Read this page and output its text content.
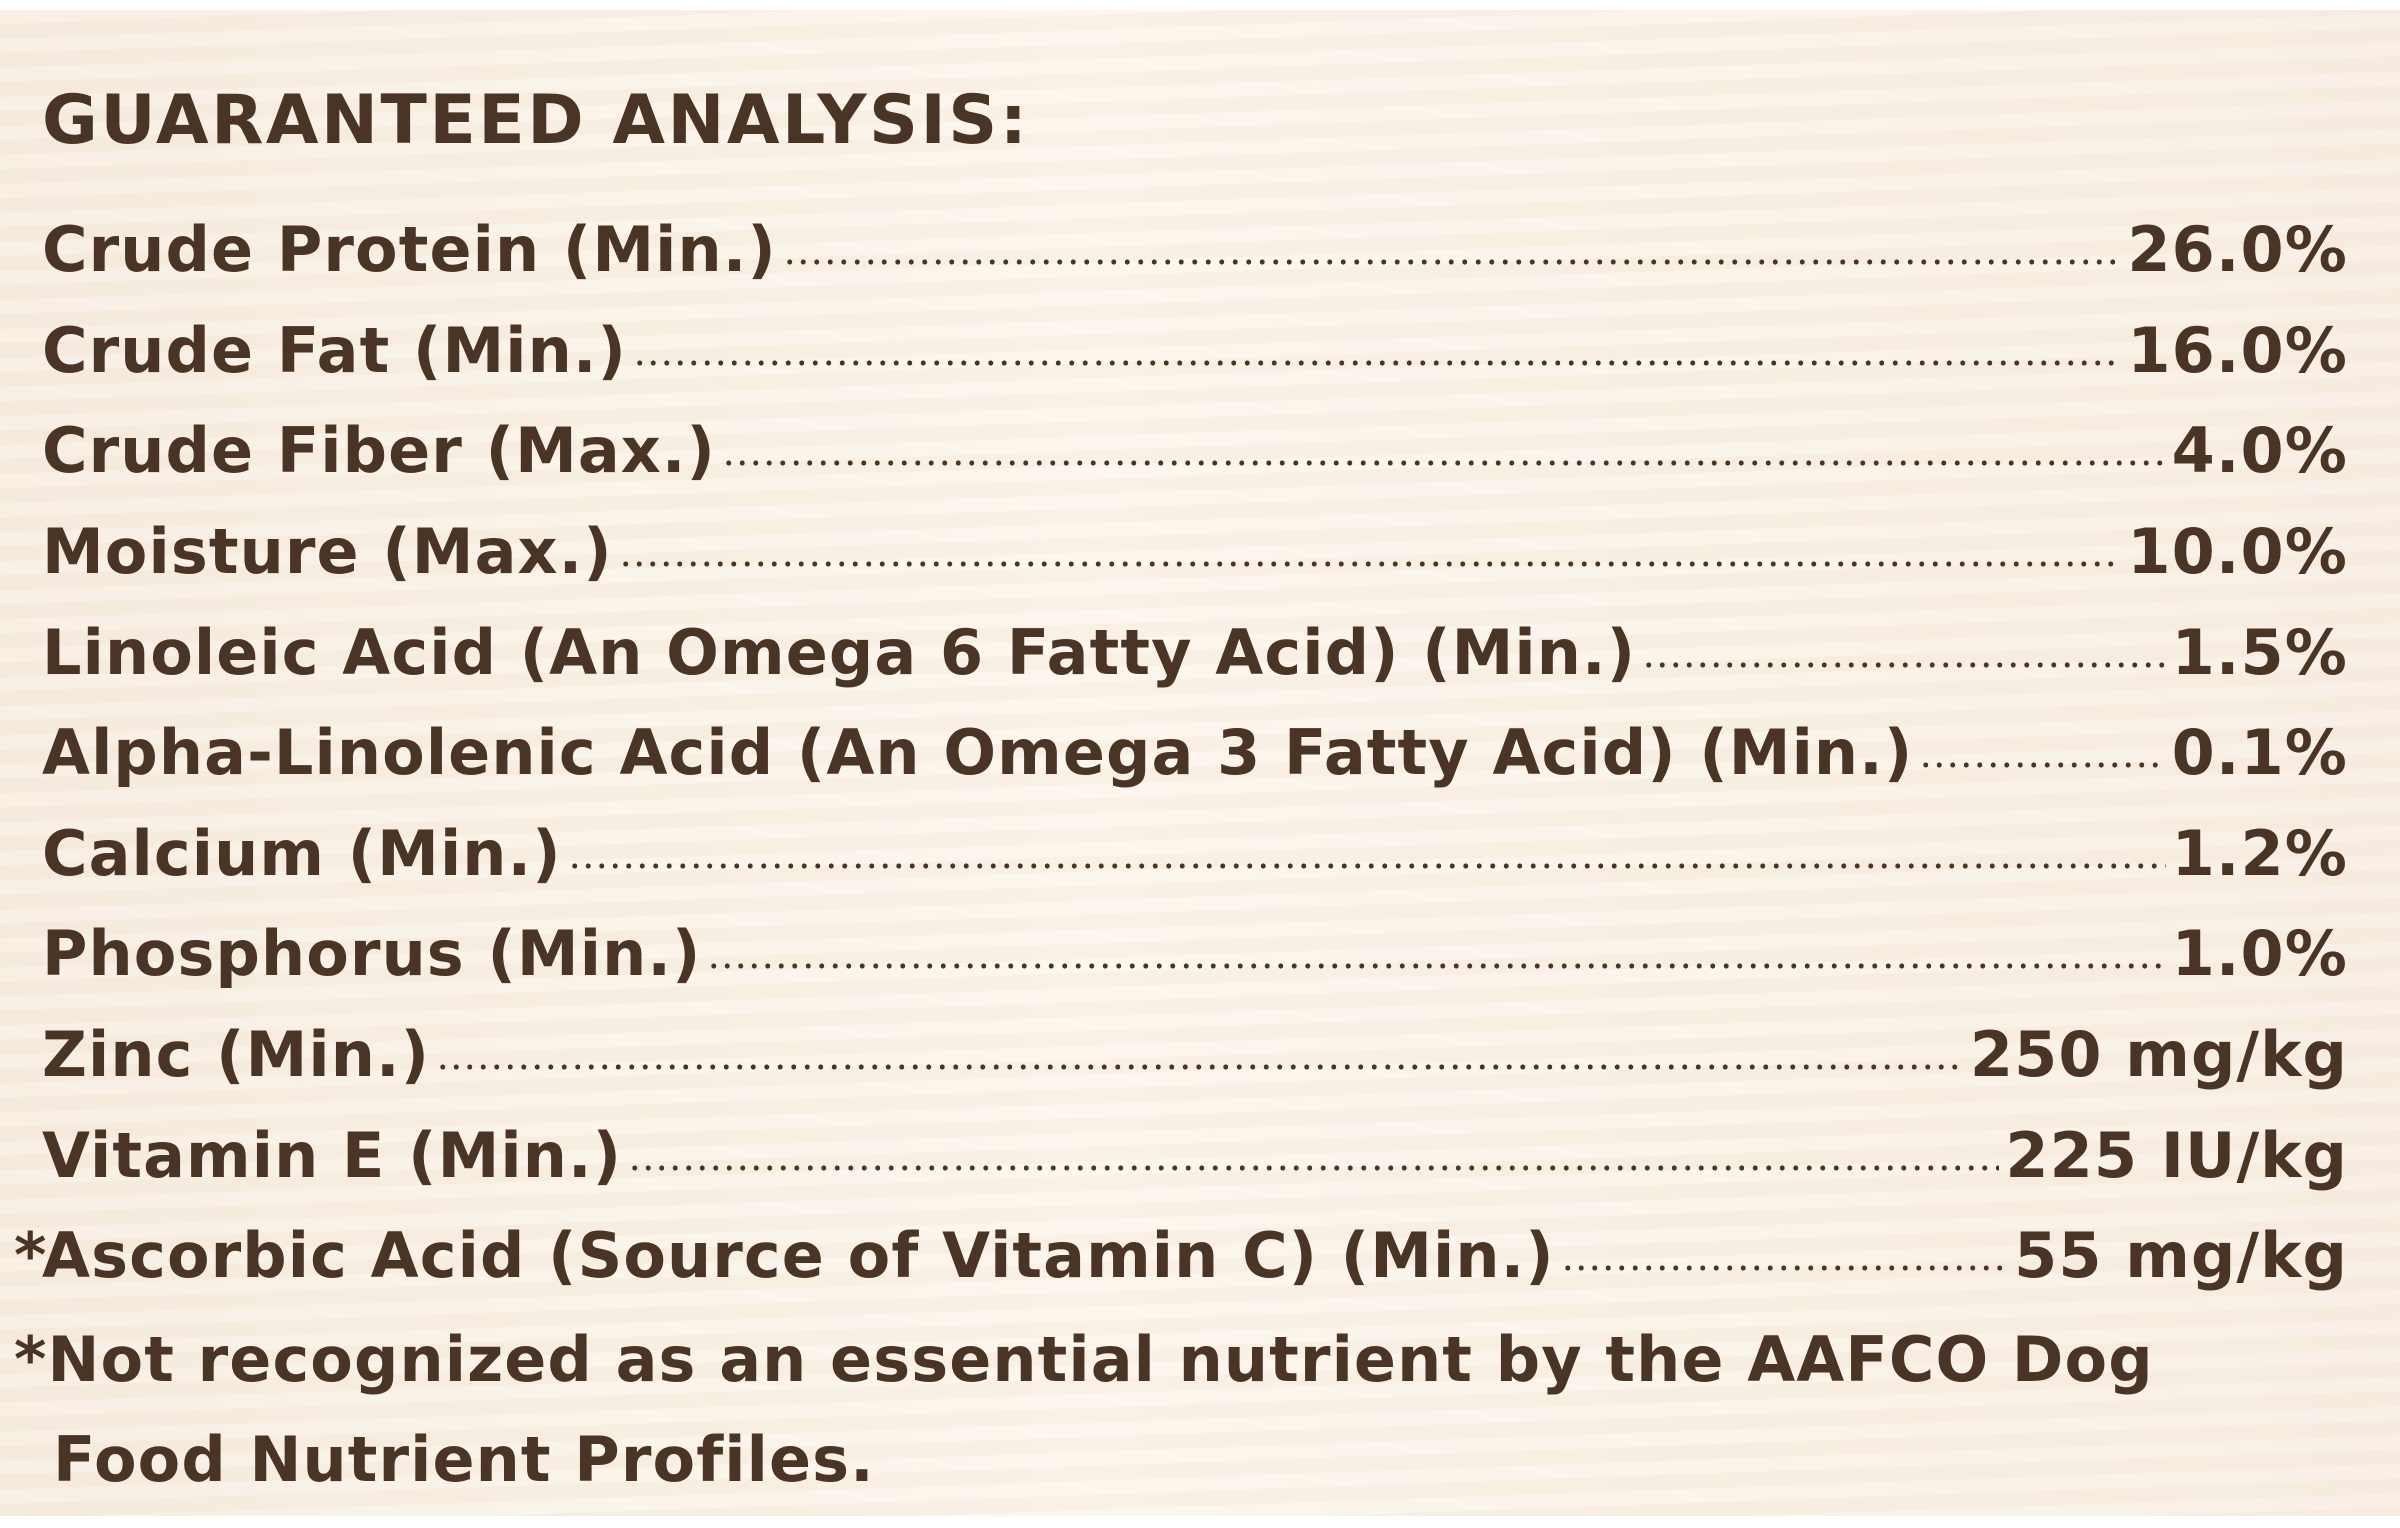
GUARANTEED ANALYSIS:
Crude Protein (Min.)	26.0%
Crude Fat (Min.)	16.0%
Crude Fiber (Max.)	4.0%
Moisture (Max.)	10.0%
Linoleic Acid (An Omega 6 Fatty Acid) (Min.)	1.5%
Alpha-Linolenic Acid (An Omega 3 Fatty Acid) (Min.)	0.1%
Calcium (Min.)	1.2%
Phosphorus (Min.)	1.0%
Zinc (Min.)	250 mg/kg
Vitamin E (Min.)	225 IU/kg
*Ascorbic Acid (Source of Vitamin C) (Min.)	55 mg/kg
*Not recognized as an essential nutrient by the AAFCO Dog
Food Nutrient Profiles.
